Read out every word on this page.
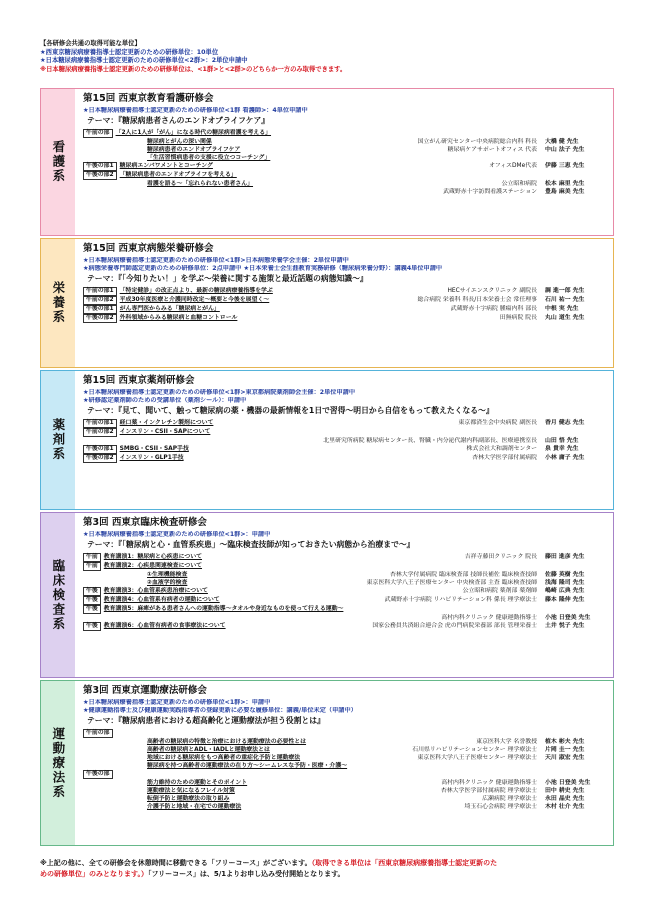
【各研修会共通の取得可能な単位】
★西東京糖尿病療養指導士認定更新のための研修単位：10単位
★日本糖尿病療養指導士認定更新のための研修単位<2群>：2単位申請中
※日本糖尿病療養指導士認定更新のための研修単位は、<1群>と<2群>のどちらか一方のみ取得できます。
看護系
第15回 西東京教育看護研修会
★日本糖尿病療養指導士認定更新のための研修単位<1群 看護師>：4単位申請中
テーマ：『糖尿病患者さんのエンドオブライフケア』
午前の部	「2人に1人が「がん」になる時代の糖尿病看護を考える」
糖尿病とがんの深い関係	国立がん研究センター中央病院総合内科 科長 大橋 健 先生
糖尿病患者のエンドオブライフケア	糖尿病ケアサポートオフィス 代表 中山 法子 先生
「生活習慣病患者の支援に役立つコーチング」
午後の部1	糖尿病エンパワメントとコーチング	オフィスDMe代表 伊藤 三恵 先生
午後の部2	「糖尿病患者のエンドオブライフを考える」
看護を語る～「忘れられない患者さん」	公立昭和病院 松本 麻里 先生
武蔵野赤十字訪問看護ステーション 豊島 麻美 先生
栄養系
第15回 西東京病態栄養研修会
★日本糖尿病療養指導士認定更新のための研修単位<1群>日本病態栄養学会主催：2単位申請中
★病態栄養専門師認定更新のための研修単位：2点申請中 ★日本栄養士会生涯教育実務研修（糖尿病栄養分野）：講義4単位申請中
テーマ：『「今知りたい！」を学ぶ～栄養に関する施策と最近話題の病態知識～』
午前の部1	「特定健診」の改正点より、最新の糖尿病療養指導を学ぶ	HECサイエンスクリニック 副院長 調 進一郎 先生
午前の部2	平成30年度医療と介護同時改定～概要と今後を展望く～	総合病院 栄養科 科長/日本栄養士会 常任理事 石川 祐一 先生
午後の部1	がん専門医からみる「糖尿病とがん」	武蔵野赤十字病院 腫瘍内科 部長 中根 実 先生
午後の部2	外科領域からみる糖尿病と血糖コントロール	田無病院 院長 丸山 道生 先生
薬剤系
第15回 西東京薬剤研修会
★日本糖尿病療養指導士認定更新のための研修単位<1群>東京都病院薬剤師会主催：2単位申請中
★研修認定薬剤師のための受講単位（薬剤シール）：申請中
テーマ：『見て、聞いて、触って糖尿病の薬・機器の最新情報を1日で習得～明日から自信をもって教えたくなる～』
午前の部1	経口薬・インクレチン製剤について	東京都済生会中央病院 副医長 香月 健志 先生
午前の部2	インスリン・CSII・SAPについて
北里研究所病院 糖尿病センター長、腎臓・内分泌代謝内科副部長、医療連携室長 山田 悟 先生
午後の部1	SMBG・CSII・SAP手技	株式会社大和調剤センター 泉 貴幸 先生
午後の部2	インスリン・GLP1手技	杏林大学医学部付属病院 小林 庸子 先生
臨床検査系
第3回 西東京臨床検査研修会
★日本糖尿病療養指導士認定更新のための研修単位<1群>：申請中
テーマ：『「糖尿病と心・血管系疾患」～臨床検査技師が知っておきたい病態から治療まで～』
午前	教育講演1：糖尿病と心疾患について	吉祥寺藤田クリニック 院長 藤田 進彦 先生
午前	教育講演2：心疾患関連検査について
①生理機能検査	杏林大学付属病院 臨床検査部 技師長補佐 臨床検査技師 佐藤 英樹 先生
②血液学的検査	東京医科大学八王子医療センター 中央検査部 主査 臨床検査技師 浅海 隆司 先生
午後	教育講演3：心血管系疾患治療について	公立昭和病院 薬剤部 薬剤師 嶋崎 広典 先生
午後	教育講演4：心血管系有病者の運動について	武蔵野赤十字病院 リハビリテーション科 係長 理学療法士 藤本 隆伸 先生
午後	教育講演5：麻痺がある患者さんへの運動指導～タオルや身近なものを使って行える運動～
高村内科クリニック 健康運動指導士 小池 日登美 先生
午後	教育講演6：心血管有病者の食事療法について	国家公務員共済組合連合会 虎の門病院栄養部 部長 管理栄養士 土井 悦子 先生
運動療法系
第3回 西東京運動療法研修会
★日本糖尿病療養指導士認定更新のための研修単位<1群>：申請中
★健康運動指導士及び健康運動実践指導者の登録更新に必要な履修単位：講義/単位未定（申請中）
テーマ：『糖尿病患者における超高齢化と運動療法が担う役割とは』
午前の部
高齢者の糖尿病の特徴と治療における運動療法の必要性とは	東京医科大学 名誉教授 植木 彬夫 先生
高齢者の糖尿病とADL・IADLと運動療法とは	石川県リハビリテーションセンター 理学療法士 片岡 圭一 先生
地域における糖尿病をもつ高齢者の重症化予防と運動療法	東京医科大学八王子医療センター 理学療法士 天川 淑宏 先生
糖尿病を持つ高齢者の運動療法の在り方～シームレスな予防・医療・介護～
午後の部
筋力維持のための運動とそのポイント	高村内科クリニック 健康運動指導士 小池 日登美 先生
運動療法と気になるフレイル対策	杏林大学医学部付属病院 理学療法士 田中 耕史 先生
転倒予防と運動療法の取り組み	広瀬病院 理学療法士 永田 晶史 先生
介護予防と地域・在宅での運動療法	埼玉石心会病院 理学療法士 木村 壮介 先生
※上記の他に、全ての研修会を休憩時間に移動できる「フリーコース」がございます。（取得できる単位は「西東京糖尿病療養指導士認定更新のた
めの研修単位」のみとなります。）「フリーコース」は、5/1よりお申し込み受付開始となります。
